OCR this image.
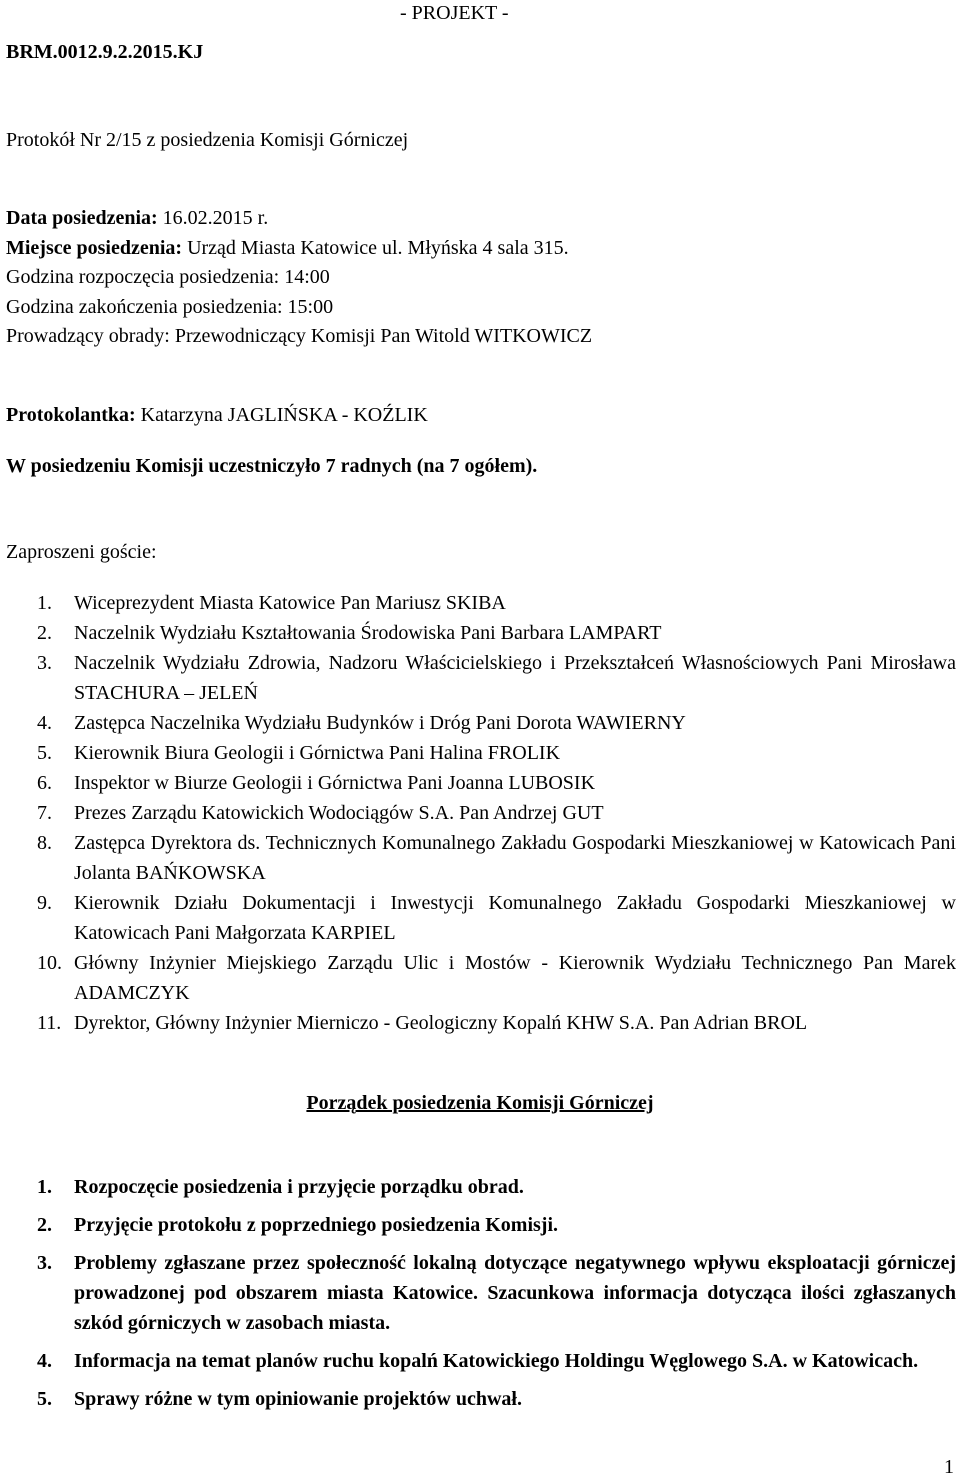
- PROJEKT -
BRM.0012.9.2.2015.KJ
Protokół Nr 2/15 z posiedzenia Komisji Górniczej
Data posiedzenia: 16.02.2015 r.
Miejsce posiedzenia: Urząd Miasta Katowice ul. Młyńska 4 sala 315.
Godzina rozpoczęcia posiedzenia: 14:00
Godzina zakończenia posiedzenia: 15:00
Prowadzący obrady: Przewodniczący Komisji Pan Witold WITKOWICZ
Protokolantka: Katarzyna JAGLIŃSKA - KOŹLIK
W posiedzeniu Komisji uczestniczyło 7 radnych (na 7 ogółem).
Zaproszeni goście:
1.	Wiceprezydent Miasta Katowice Pan Mariusz SKIBA
2.	Naczelnik Wydziału Kształtowania Środowiska Pani Barbara LAMPART
3.	Naczelnik Wydziału Zdrowia, Nadzoru Właścicielskiego i Przekształceń Własnościowych Pani Mirosława STACHURA – JELEŃ
4.	Zastępca Naczelnika Wydziału Budynków i Dróg Pani Dorota WAWIERNY
5.	Kierownik Biura Geologii i Górnictwa Pani Halina FROLIK
6.	Inspektor w Biurze Geologii i Górnictwa Pani Joanna LUBOSIK
7.	Prezes Zarządu Katowickich Wodociągów S.A. Pan Andrzej GUT
8.	Zastępca Dyrektora ds. Technicznych Komunalnego Zakładu Gospodarki Mieszkaniowej w Katowicach Pani Jolanta BAŃKOWSKA
9.	Kierownik Działu Dokumentacji i Inwestycji Komunalnego Zakładu Gospodarki Mieszkaniowej w Katowicach Pani Małgorzata KARPIEL
10. Główny Inżynier Miejskiego Zarządu Ulic i Mostów - Kierownik Wydziału Technicznego Pan Marek ADAMCZYK
11. Dyrektor, Główny Inżynier Mierniczo - Geologiczny Kopalń KHW S.A. Pan Adrian BROL
Porządek posiedzenia Komisji Górniczej
1.	Rozpoczęcie posiedzenia i przyjęcie porządku obrad.
2.	Przyjęcie protokołu z poprzedniego posiedzenia Komisji.
3.	Problemy zgłaszane przez społeczność lokalną dotyczące negatywnego wpływu eksploatacji górniczej prowadzonej pod obszarem miasta Katowice. Szacunkowa informacja dotycząca ilości zgłaszanych szkód górniczych w zasobach miasta.
4.	Informacja na temat planów ruchu kopalń Katowickiego Holdingu Węglowego S.A. w Katowicach.
5.	Sprawy różne w tym opiniowanie projektów uchwał.
1
